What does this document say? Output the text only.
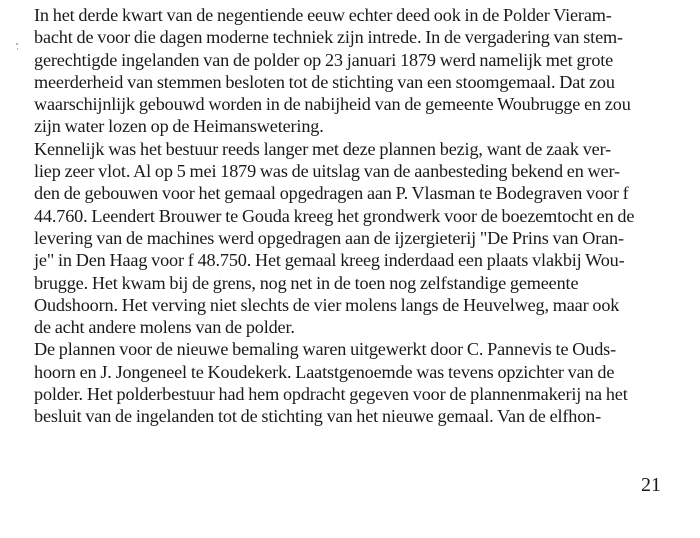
In het derde kwart van de negentiende eeuw echter deed ook in de Polder Vieram-
bacht de voor die dagen moderne techniek zijn intrede. In de vergadering van stem-
gerechtigde ingelanden van de polder op 23 januari 1879 werd namelijk met grote
meerderheid van stemmen besloten tot de stichting van een stoomgemaal. Dat zou
waarschijnlijk gebouwd worden in de nabijheid van de gemeente Woubrugge en zou
zijn water lozen op de Heimanswetering.
Kennelijk was het bestuur reeds langer met deze plannen bezig, want de zaak ver-
liep zeer vlot. Al op 5 mei 1879 was de uitslag van de aanbesteding bekend en wer-
den de gebouwen voor het gemaal opgedragen aan P. Vlasman te Bodegraven voor f
44.760. Leendert Brouwer te Gouda kreeg het grondwerk voor de boezemtocht en de
levering van de machines werd opgedragen aan de ijzergieterij "De Prins van Oran-
je" in Den Haag voor f 48.750. Het gemaal kreeg inderdaad een plaats vlakbij Wou-
brugge. Het kwam bij de grens, nog net in de toen nog zelfstandige gemeente
Oudshoorn. Het verving niet slechts de vier molens langs de Heuvelweg, maar ook
de acht andere molens van de polder.
De plannen voor de nieuwe bemaling waren uitgewerkt door C. Pannevis te Ouds-
hoorn en J. Jongeneel te Koudekerk. Laatstgenoemde was tevens opzichter van de
polder. Het polderbestuur had hem opdracht gegeven voor de plannenmakerij na het
besluit van de ingelanden tot de stichting van het nieuwe gemaal. Van de elfhon-
21
